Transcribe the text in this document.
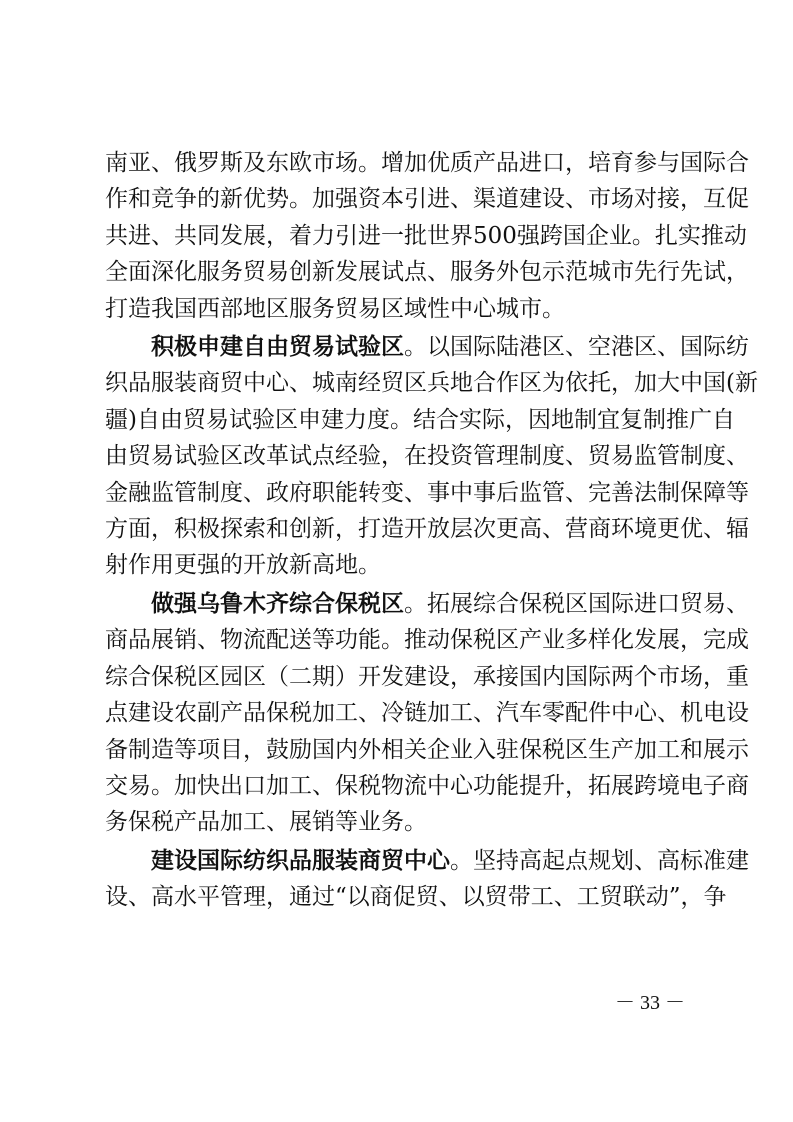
南亚、俄罗斯及东欧市场。增加优质产品进口，培育参与国际合
作和竞争的新优势。加强资本引进、渠道建设、市场对接，互促
共进、共同发展，着力引进一批世界500强跨国企业。扎实推动
全面深化服务贸易创新发展试点、服务外包示范城市先行先试，
打造我国西部地区服务贸易区域性中心城市。
积极申建自由贸易试验区。以国际陆港区、空港区、国际纺
织品服装商贸中心、城南经贸区兵地合作区为依托，加大中国(新
疆)自由贸易试验区申建力度。结合实际，因地制宜复制推广自
由贸易试验区改革试点经验，在投资管理制度、贸易监管制度、
金融监管制度、政府职能转变、事中事后监管、完善法制保障等
方面，积极探索和创新，打造开放层次更高、营商环境更优、辐
射作用更强的开放新高地。
做强乌鲁木齐综合保税区。拓展综合保税区国际进口贸易、
商品展销、物流配送等功能。推动保税区产业多样化发展，完成
综合保税区园区（二期）开发建设，承接国内国际两个市场，重
点建设农副产品保税加工、冷链加工、汽车零配件中心、机电设
备制造等项目，鼓励国内外相关企业入驻保税区生产加工和展示
交易。加快出口加工、保税物流中心功能提升，拓展跨境电子商
务保税产品加工、展销等业务。
建设国际纺织品服装商贸中心。坚持高起点规划、高标准建
设、高水平管理，通过“以商促贸、以贸带工、工贸联动”，争
－ 33 －
